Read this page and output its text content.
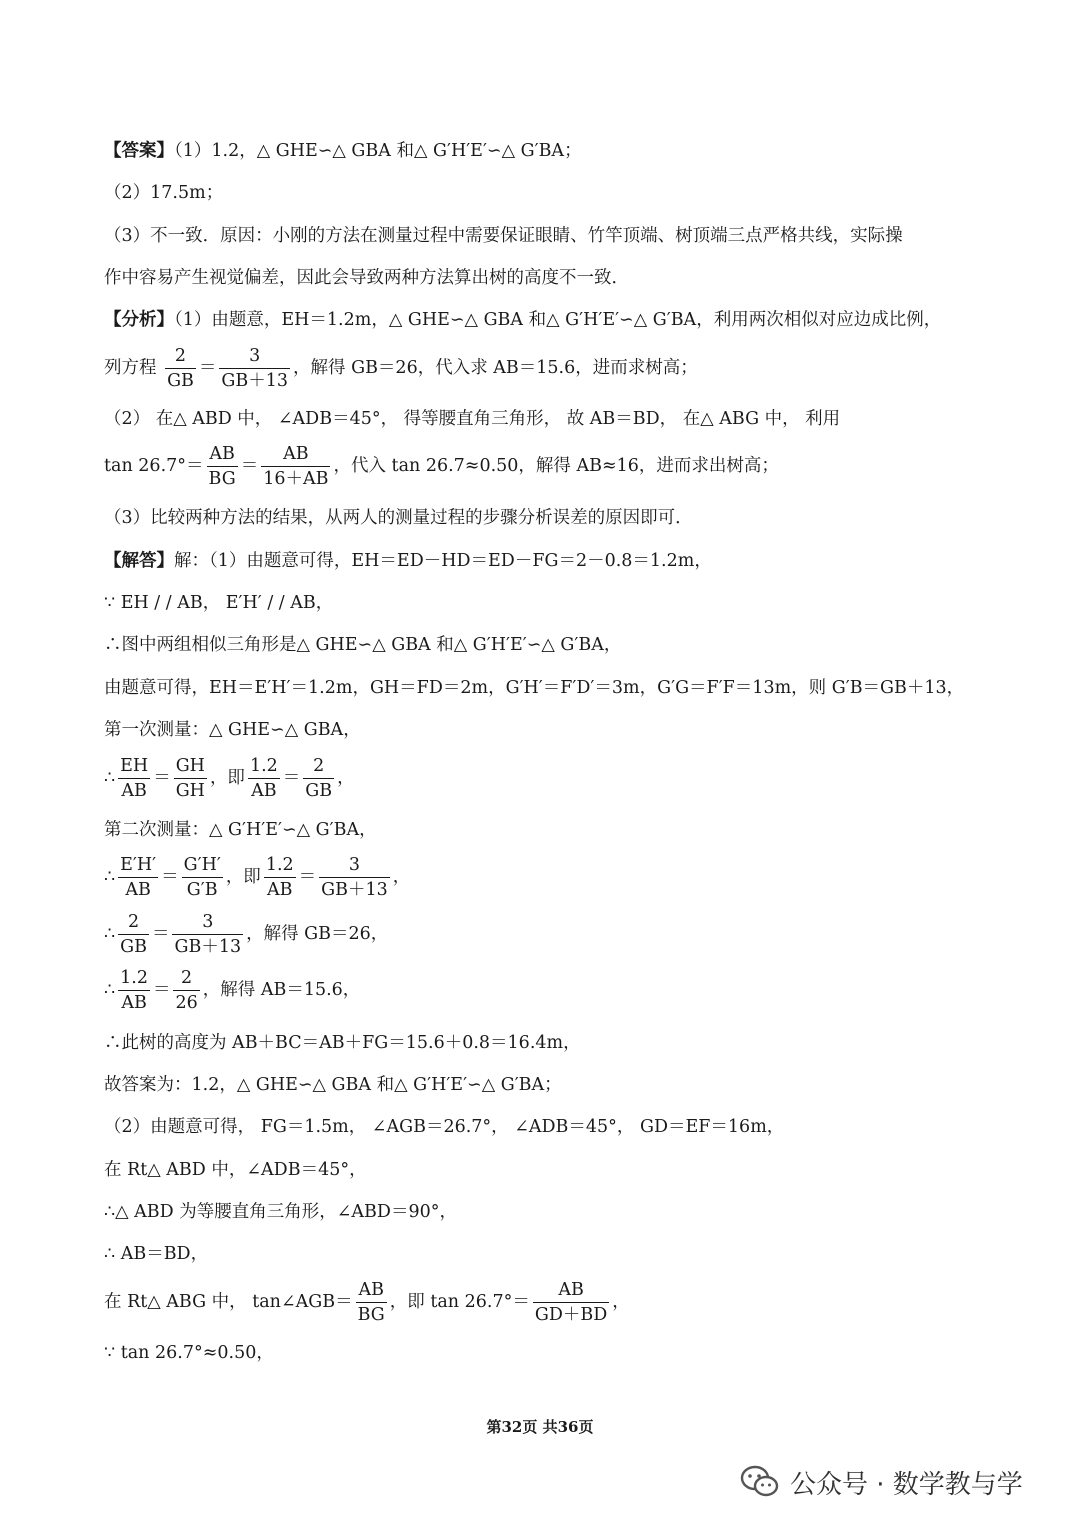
【答案】（1）1.2，△ GHE∽△ GBA 和△ G′H′E′∽△ G′BA；
（2）17.5m；
（3）不一致．原因：小刚的方法在测量过程中需要保证眼睛、竹竿顶端、树顶端三点严格共线，实际操
作中容易产生视觉偏差，因此会导致两种方法算出树的高度不一致．
【分析】（1）由题意，EH＝1.2m，△ GHE∽△ GBA 和△ G′H′E′∽△ G′BA，利用两次相似对应边成比例，
列方程 $\frac{2}{GB} = \frac{3}{GB+13}$ ，解得 GB＝26，代入求 AB＝15.6，进而求树高；
（2） 在△ ABD 中， ∠ADB＝45°， 得等腰直角三角形， 故 AB＝BD， 在△ ABG 中， 利用
$\tan 26.7^\circ= \frac{AB}{BG} = \frac{AB}{16+AB}$ ，代入 tan 26.7≈0.50，解得 AB≈16，进而求出树高；
（3）比较两种方法的结果，从两人的测量过程的步骤分析误差的原因即可．
【解答】解：（1）由题意可得，EH＝ED－HD＝ED－FG＝2－0.8＝1.2m，
∵ EH / / AB， E′H′ / / AB，
∴图中两组相似三角形是△ GHE∽△ GBA 和△ G′H′E′∽△ G′BA，
由题意可得，EH＝E′H′＝1.2m，GH＝FD＝2m，G′H′＝F′D′＝3m，G′G＝F′F＝13m，则 G′B＝GB＋13，
第一次测量：△ GHE∽△ GBA，
∴ $\frac{EH}{AB} = \frac{GH}{GH}$ ，即 $\frac{1.2}{AB} = \frac{2}{GB}$ ，
第二次测量：△ G′H′E′∽△ G′BA，
∴ $\frac{E'H'}{AB} = \frac{G'H'}{G'B}$ ，即 $\frac{1.2}{AB} = \frac{3}{GB+13}$ ，
∴ $\frac{2}{GB} = \frac{3}{GB+13}$ ，解得 GB＝26，
∴ $\frac{1.2}{AB} = \frac{2}{26}$ ，解得 AB＝15.6，
∴此树的高度为 AB＋BC＝AB＋FG＝15.6＋0.8＝16.4m，
故答案为：1.2，△ GHE∽△ GBA 和△ G′H′E′∽△ G′BA；
（2）由题意可得， FG＝1.5m， ∠AGB＝26.7°， ∠ADB＝45°， GD＝EF＝16m，
在 Rt△ ABD 中，∠ADB＝45°，
∴△ ABD 为等腰直角三角形，∠ABD＝90°，
∴ AB＝BD，
在 Rt△ ABG 中， tan∠AGB＝ $\frac{AB}{BG}$ ，即 $\tan 26.7^\circ= \frac{AB}{GD+BD}$ ，
∵ tan 26.7°≈0.50，
第32页 共36页
公众号 · 数学教与学
